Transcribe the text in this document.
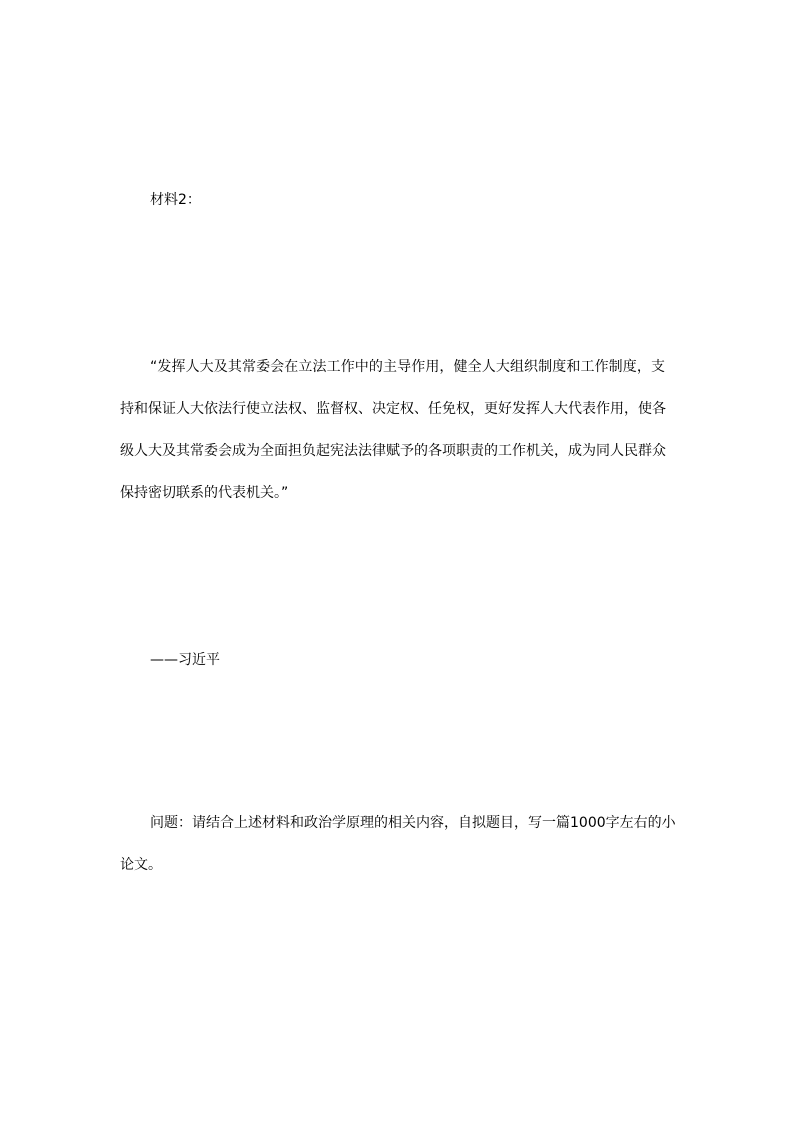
材料2：
“发挥人大及其常委会在立法工作中的主导作用，健全人大组织制度和工作制度，支
持和保证人大依法行使立法权、监督权、决定权、任免权，更好发挥人大代表作用，使各
级人大及其常委会成为全面担负起宪法法律赋予的各项职责的工作机关，成为同人民群众
保持密切联系的代表机关。”
——习近平
问题：请结合上述材料和政治学原理的相关内容，自拟题目，写一篇1000字左右的小
论文。
